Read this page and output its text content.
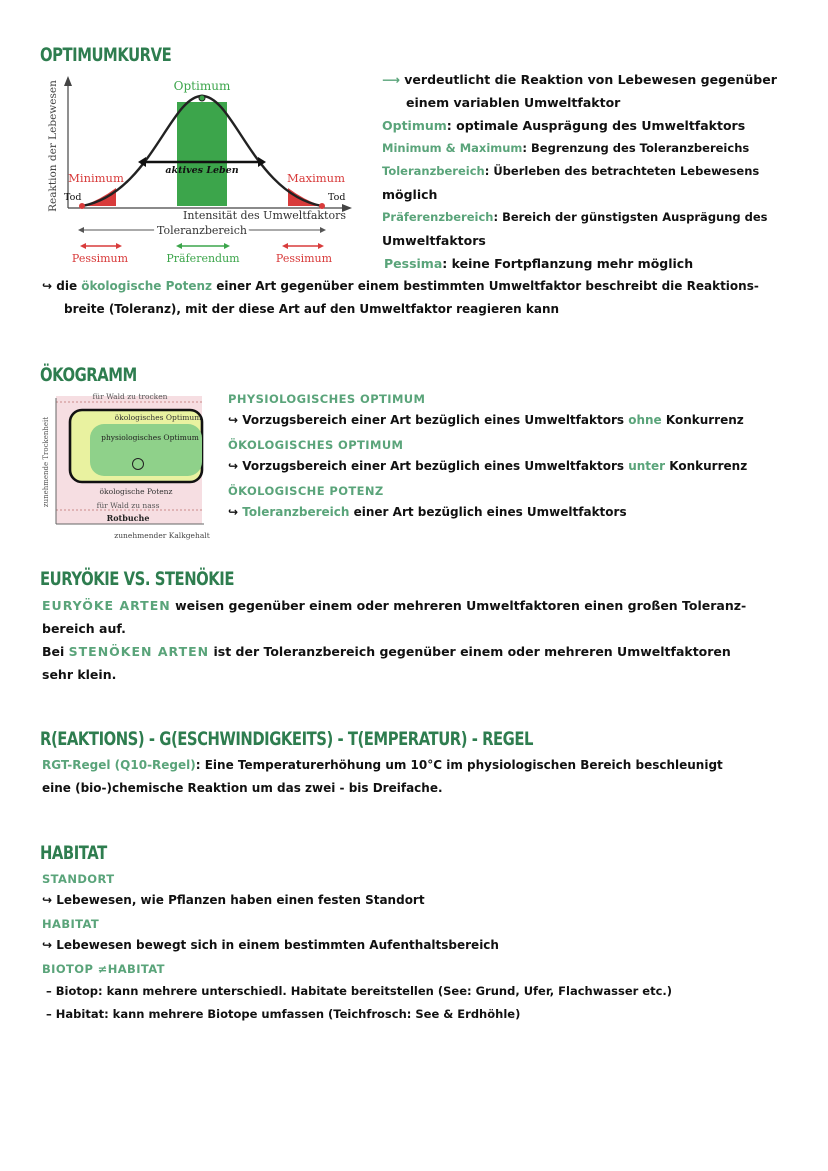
OPTIMUMKURVE
Reaktion der Lebewesen	Optimum
Minimum	Maximum
Tod	Tod
aktives Leben
Intensität des Umweltfaktors
Toleranzbereich
Pessimum	Präferendum	Pessimum
⟶ verdeutlicht die Reaktion von Lebewesen gegenüber
einem variablen Umweltfaktor
Optimum: optimale Ausprägung des Umweltfaktors
Minimum & Maximum: Begrenzung des Toleranzbereichs
Toleranzbereich: Überleben des betrachteten Lebewesens
möglich
Präferenzbereich: Bereich der günstigsten Ausprägung des
Umweltfaktors
Pessima: keine Fortpflanzung mehr möglich
↪ die ökologische Potenz einer Art gegenüber einem bestimmten Umweltfaktor beschreibt die Reaktions-
breite (Toleranz), mit der diese Art auf den Umweltfaktor reagieren kann
ÖKOGRAMM
für Wald zu trocken
ökologisches Optimum
physiologisches Optimum
ökologische Potenz
für Wald zu nass
Rotbuche
zunehmender Kalkgehalt
zunehmende Trockenheit
PHYSIOLOGISCHES OPTIMUM
↪ Vorzugsbereich einer Art bezüglich eines Umweltfaktors ohne Konkurrenz
ÖKOLOGISCHES OPTIMUM
↪ Vorzugsbereich einer Art bezüglich eines Umweltfaktors unter Konkurrenz
ÖKOLOGISCHE POTENZ
↪ Toleranzbereich einer Art bezüglich eines Umweltfaktors
EURYÖKIE VS. STENÖKIE
EURYÖKE ARTEN weisen gegenüber einem oder mehreren Umweltfaktoren einen großen Toleranz-
bereich auf.
Bei STENÖKEN ARTEN ist der Toleranzbereich gegenüber einem oder mehreren Umweltfaktoren
sehr klein.
R(EAKTIONS) - G(ESCHWINDIGKEITS) - T(EMPERATUR) - REGEL
RGT-Regel (Q10-Regel): Eine Temperaturerhöhung um 10°C im physiologischen Bereich beschleunigt
eine (bio-)chemische Reaktion um das zwei - bis Dreifache.
HABITAT
STANDORT
↪ Lebewesen, wie Pflanzen haben einen festen Standort
HABITAT
↪ Lebewesen bewegt sich in einem bestimmten Aufenthaltsbereich
BIOTOP ≠HABITAT
– Biotop: kann mehrere unterschiedl. Habitate bereitstellen (See: Grund, Ufer, Flachwasser etc.)
– Habitat: kann mehrere Biotope umfassen (Teichfrosch: See & Erdhöhle)
